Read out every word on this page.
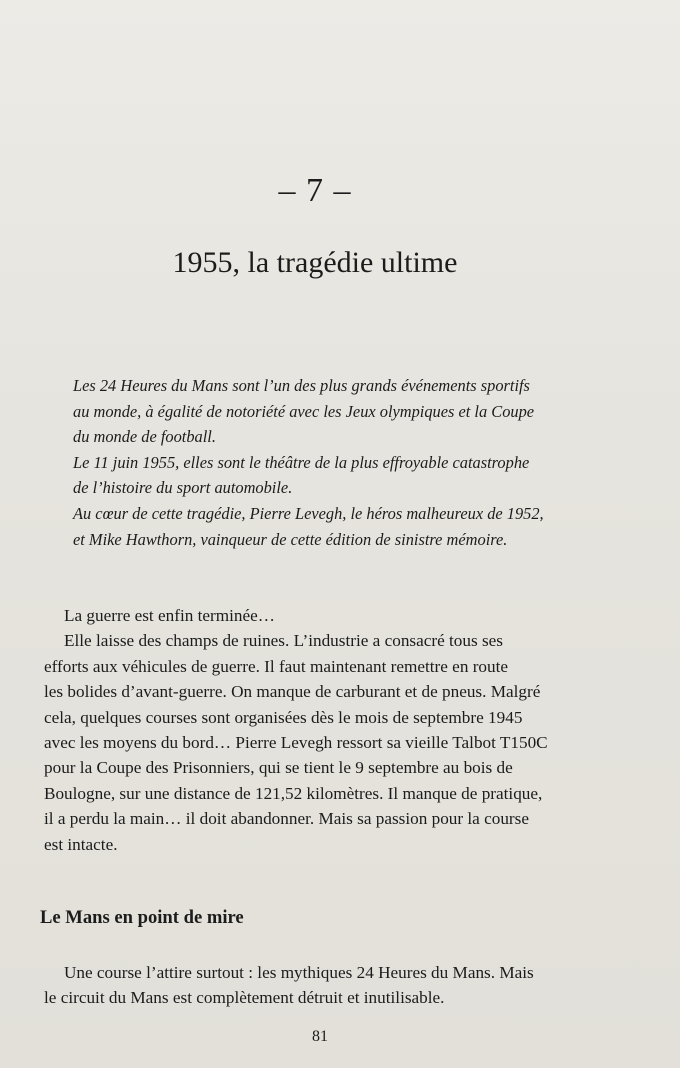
– 7 –
1955, la tragédie ultime

Les 24 Heures du Mans sont l’un des plus grands événements sportifs

au monde, à égalité de notoriété avec les Jeux olympiques et la Coupe

du monde de football.

Le 11 juin 1955, elles sont le théâtre de la plus effroyable catastrophe

de l’histoire du sport automobile.

Au cœur de cette tragédie, Pierre Levegh, le héros malheureux de 1952,

et Mike Hawthorn, vainqueur de cette édition de sinistre mémoire.

La guerre est enfin terminée…

Elle laisse des champs de ruines. L’industrie a consacré tous ses

efforts aux véhicules de guerre. Il faut maintenant remettre en route

les bolides d’avant-guerre. On manque de carburant et de pneus. Malgré

cela, quelques courses sont organisées dès le mois de septembre 1945

avec les moyens du bord… Pierre Levegh ressort sa vieille Talbot T150C

pour la Coupe des Prisonniers, qui se tient le 9 septembre au bois de

Boulogne, sur une distance de 121,52 kilomètres. Il manque de pratique,

il a perdu la main… il doit abandonner. Mais sa passion pour la course

est intacte.

Le Mans en point de mire

Une course l’attire surtout : les mythiques 24 Heures du Mans. Mais

le circuit du Mans est complètement détruit et inutilisable.

81
